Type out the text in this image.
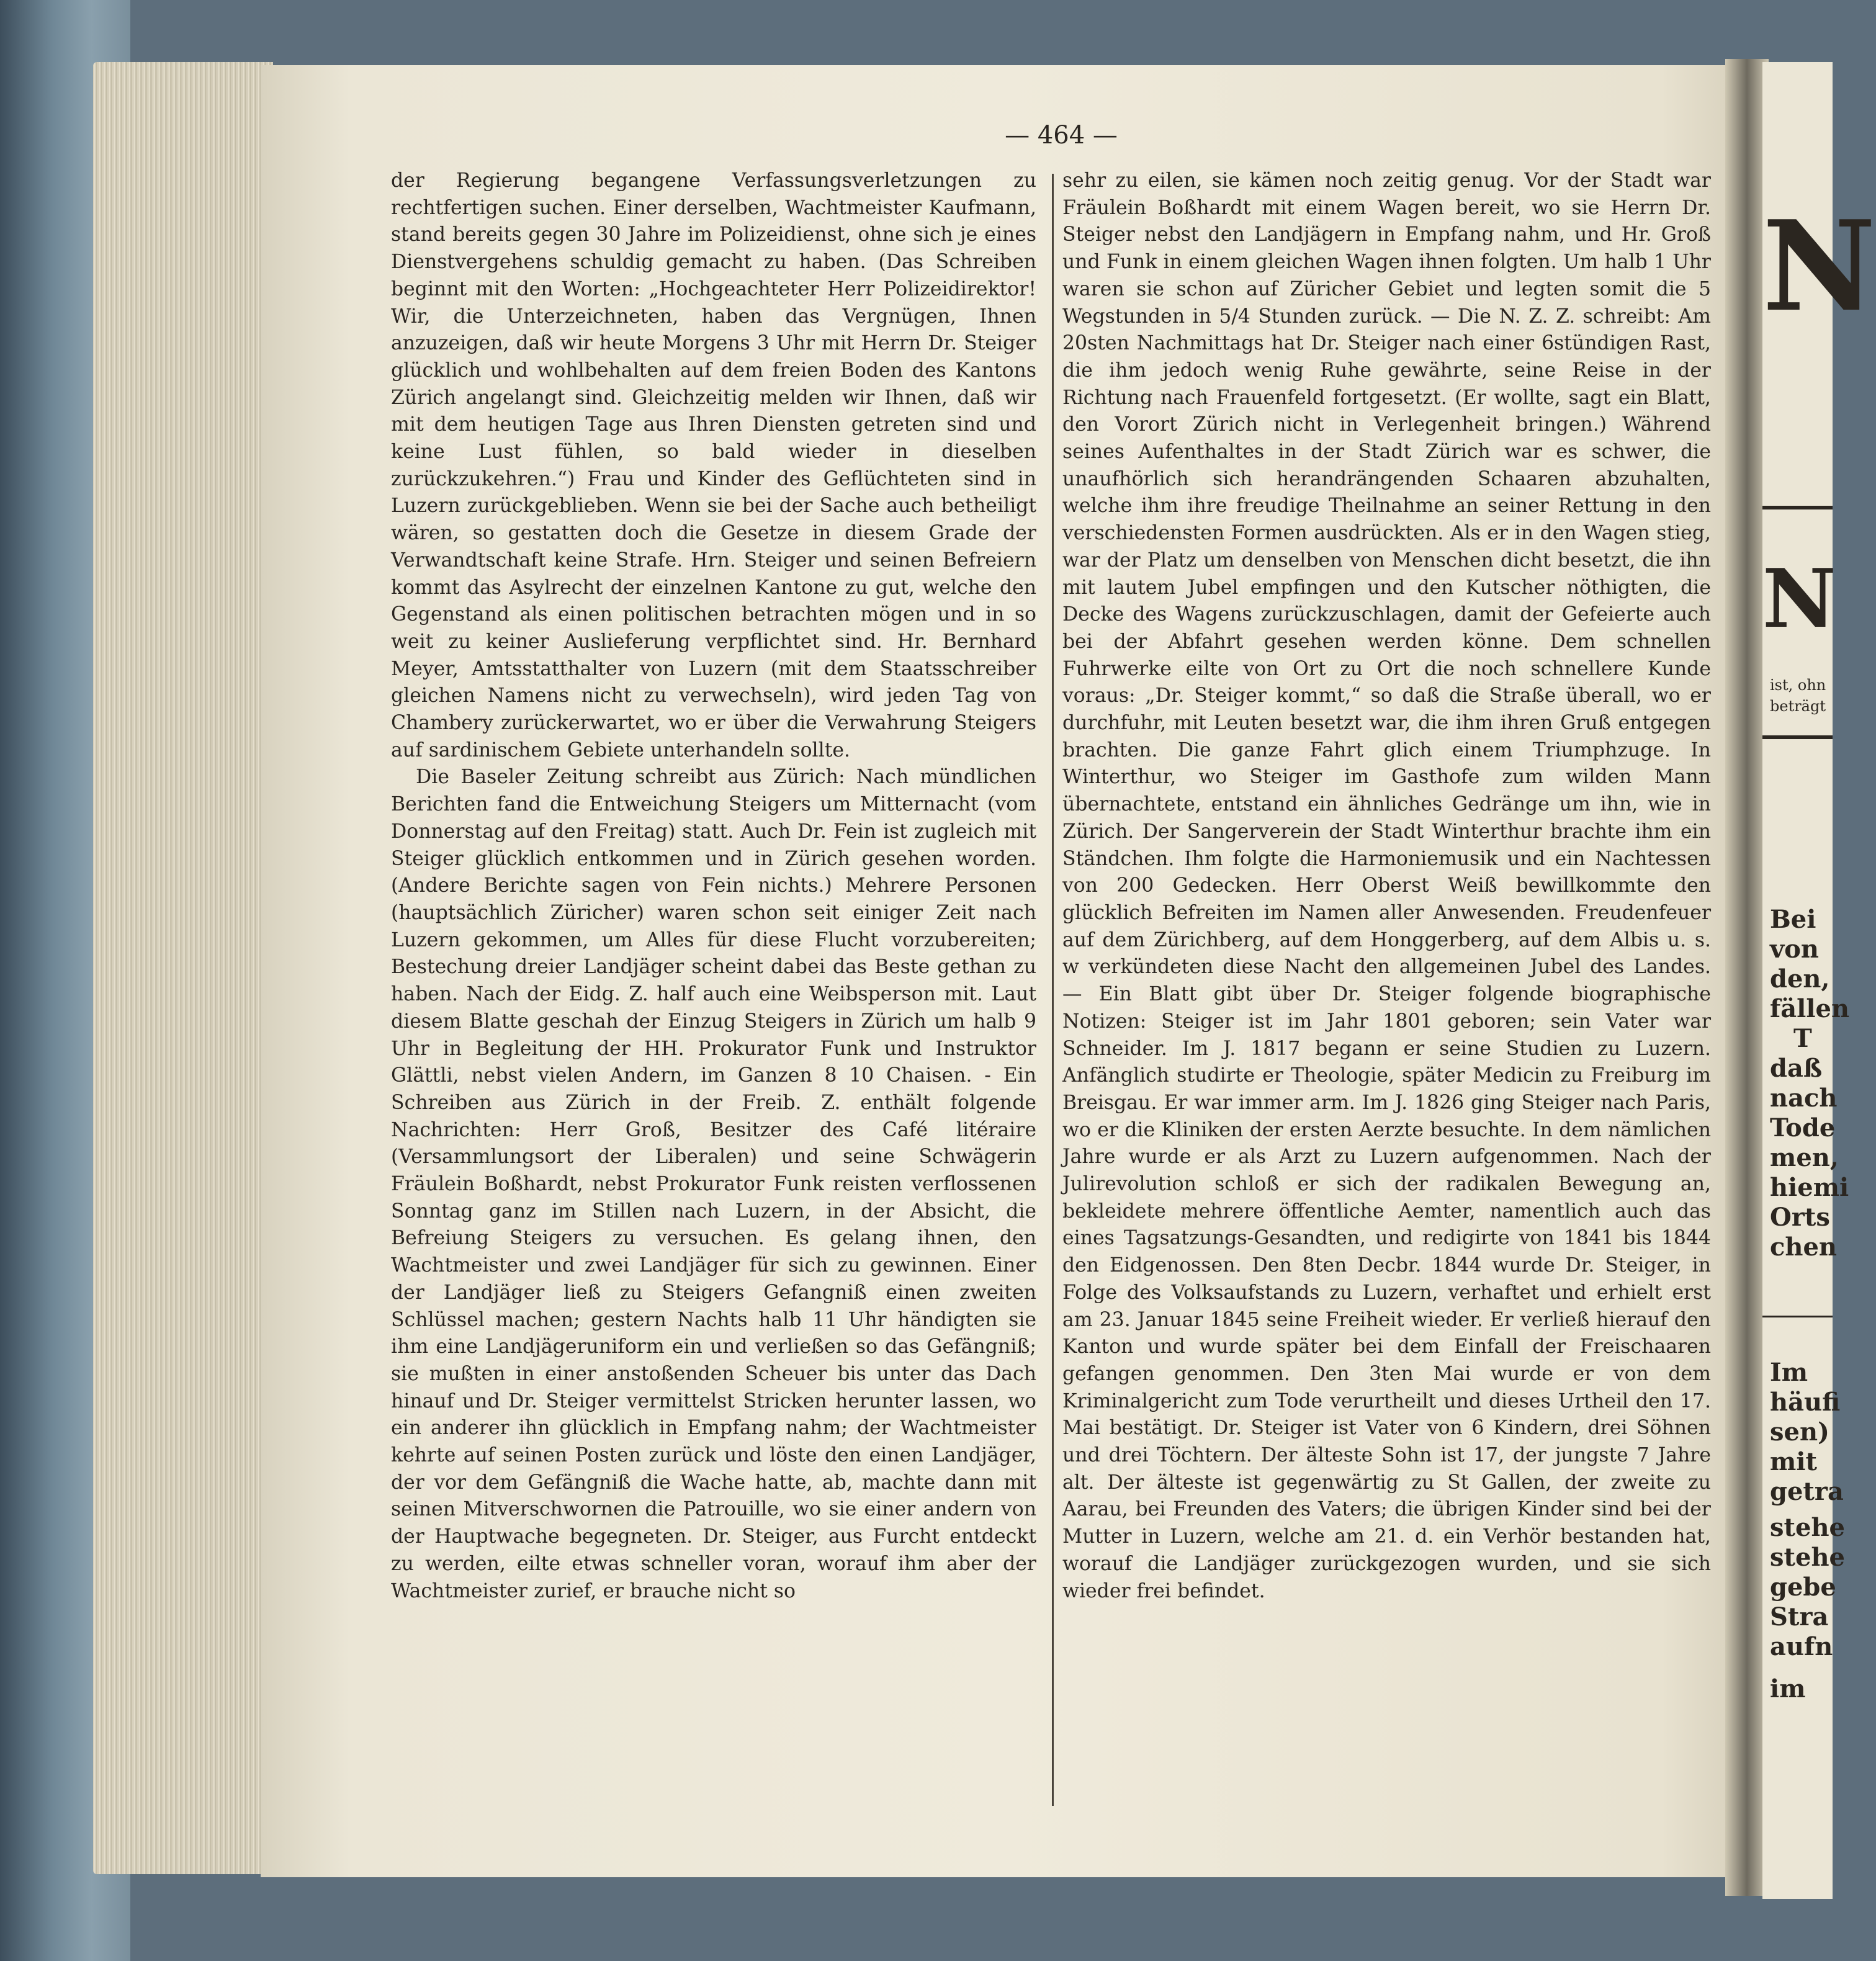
N
N
ist, ohn
beträgt
Bei
von
den,
fällen
T
daß
nach
Tode
men,
hiemi
Orts
chen
Im
häufi
sen)
mit
getra
stehe
stehe
gebe
Stra
aufn
im
— 464 —

der Regierung begangene Verfassungsverletzungen zu rechtfertigen suchen. Einer derselben, Wachtmeister Kaufmann, stand bereits gegen 30 Jahre im Polizeidienst, ohne sich je eines Dienstvergehens schuldig gemacht zu haben. (Das Schreiben beginnt mit den Worten: „Hochgeachteter Herr Polizeidirektor! Wir, die Unterzeichneten, haben das Vergnügen, Ihnen anzuzeigen, daß wir heute Morgens 3 Uhr mit Herrn Dr. Steiger glücklich und wohlbehalten auf dem freien Boden des Kantons Zürich angelangt sind. Gleichzeitig melden wir Ihnen, daß wir mit dem heutigen Tage aus Ihren Diensten getreten sind und keine Lust fühlen, so bald wieder in dieselben zurückzukehren.“) Frau und Kinder des Geflüchteten sind in Luzern zurückgeblieben. Wenn sie bei der Sache auch betheiligt wären, so gestatten doch die Gesetze in diesem Grade der Verwandtschaft keine Strafe. Hrn. Steiger und seinen Befreiern kommt das Asylrecht der einzelnen Kantone zu gut, welche den Gegenstand als einen politischen betrachten mögen und in so weit zu keiner Auslieferung verpflichtet sind. Hr. Bernhard Meyer, Amtsstatthalter von Luzern (mit dem Staatsschreiber gleichen Namens nicht zu verwechseln), wird jeden Tag von Chambery zurückerwartet, wo er über die Verwahrung Steigers auf sardinischem Gebiete unterhandeln sollte.

Die Baseler Zeitung schreibt aus Zürich: Nach mündlichen Berichten fand die Entweichung Steigers um Mitternacht (vom Donnerstag auf den Freitag) statt. Auch Dr. Fein ist zugleich mit Steiger glücklich entkommen und in Zürich gesehen worden. (Andere Berichte sagen von Fein nichts.) Mehrere Personen (hauptsächlich Züricher) waren schon seit einiger Zeit nach Luzern gekommen, um Alles für diese Flucht vorzubereiten; Bestechung dreier Landjäger scheint dabei das Beste gethan zu haben. Nach der Eidg. Z. half auch eine Weibsperson mit. Laut diesem Blatte geschah der Einzug Steigers in Zürich um halb 9 Uhr in Begleitung der HH. Prokurator Funk und Instruktor Glättli, nebst vielen Andern, im Ganzen 8 10 Chaisen. - Ein Schreiben aus Zürich in der Freib. Z. enthält folgende Nachrichten: Herr Groß, Besitzer des Café litéraire (Versammlungsort der Liberalen) und seine Schwägerin Fräulein Boßhardt, nebst Prokurator Funk reisten verflossenen Sonntag ganz im Stillen nach Luzern, in der Absicht, die Befreiung Steigers zu versuchen. Es gelang ihnen, den Wachtmeister und zwei Landjäger für sich zu gewinnen. Einer der Landjäger ließ zu Steigers Gefangniß einen zweiten Schlüssel machen; gestern Nachts halb 11 Uhr händigten sie ihm eine Landjägeruniform ein und verließen so das Gefängniß; sie mußten in einer anstoßenden Scheuer bis unter das Dach hinauf und Dr. Steiger vermittelst Stricken herunter lassen, wo ein anderer ihn glücklich in Empfang nahm; der Wachtmeister kehrte auf seinen Posten zurück und löste den einen Landjäger, der vor dem Gefängniß die Wache hatte, ab, machte dann mit seinen Mitverschwornen die Patrouille, wo sie einer andern von der Hauptwache begegneten. Dr. Steiger, aus Furcht entdeckt zu werden, eilte etwas schneller voran, worauf ihm aber der Wachtmeister zurief, er brauche nicht so

sehr zu eilen, sie kämen noch zeitig genug. Vor der Stadt war Fräulein Boßhardt mit einem Wagen bereit, wo sie Herrn Dr. Steiger nebst den Landjägern in Empfang nahm, und Hr. Groß und Funk in einem gleichen Wagen ihnen folgten. Um halb 1 Uhr waren sie schon auf Züricher Gebiet und legten somit die 5 Wegstunden in 5/4 Stunden zurück. — Die N. Z. Z. schreibt: Am 20sten Nachmittags hat Dr. Steiger nach einer 6stündigen Rast, die ihm jedoch wenig Ruhe gewährte, seine Reise in der Richtung nach Frauenfeld fortgesetzt. (Er wollte, sagt ein Blatt, den Vorort Zürich nicht in Verlegenheit bringen.) Während seines Aufenthaltes in der Stadt Zürich war es schwer, die unaufhörlich sich herandrängenden Schaaren abzuhalten, welche ihm ihre freudige Theilnahme an seiner Rettung in den verschiedensten Formen ausdrückten. Als er in den Wagen stieg, war der Platz um denselben von Menschen dicht besetzt, die ihn mit lautem Jubel empfingen und den Kutscher nöthigten, die Decke des Wagens zurückzuschlagen, damit der Gefeierte auch bei der Abfahrt gesehen werden könne. Dem schnellen Fuhrwerke eilte von Ort zu Ort die noch schnellere Kunde voraus: „Dr. Steiger kommt,“ so daß die Straße überall, wo er durchfuhr, mit Leuten besetzt war, die ihm ihren Gruß entgegen brachten. Die ganze Fahrt glich einem Triumphzuge. In Winterthur, wo Steiger im Gasthofe zum wilden Mann übernachtete, entstand ein ähnliches Gedränge um ihn, wie in Zürich. Der Sangerverein der Stadt Winterthur brachte ihm ein Ständchen. Ihm folgte die Harmoniemusik und ein Nachtessen von 200 Gedecken. Herr Oberst Weiß bewillkommte den glücklich Befreiten im Namen aller Anwesenden. Freudenfeuer auf dem Zürichberg, auf dem Honggerberg, auf dem Albis u. s. w verkündeten diese Nacht den allgemeinen Jubel des Landes. — Ein Blatt gibt über Dr. Steiger folgende biographische Notizen: Steiger ist im Jahr 1801 geboren; sein Vater war Schneider. Im J. 1817 begann er seine Studien zu Luzern. Anfänglich studirte er Theologie, später Medicin zu Freiburg im Breisgau. Er war immer arm. Im J. 1826 ging Steiger nach Paris, wo er die Kliniken der ersten Aerzte besuchte. In dem nämlichen Jahre wurde er als Arzt zu Luzern aufgenommen. Nach der Julirevolution schloß er sich der radikalen Bewegung an, bekleidete mehrere öffentliche Aemter, namentlich auch das eines Tagsatzungs-Gesandten, und redigirte von 1841 bis 1844 den Eidgenossen. Den 8ten Decbr. 1844 wurde Dr. Steiger, in Folge des Volksaufstands zu Luzern, verhaftet und erhielt erst am 23. Januar 1845 seine Freiheit wieder. Er verließ hierauf den Kanton und wurde später bei dem Einfall der Freischaaren gefangen genommen. Den 3ten Mai wurde er von dem Kriminalgericht zum Tode verurtheilt und dieses Urtheil den 17. Mai bestätigt. Dr. Steiger ist Vater von 6 Kindern, drei Söhnen und drei Töchtern. Der älteste Sohn ist 17, der jungste 7 Jahre alt. Der älteste ist gegenwärtig zu St Gallen, der zweite zu Aarau, bei Freunden des Vaters; die übrigen Kinder sind bei der Mutter in Luzern, welche am 21. d. ein Verhör bestanden hat, worauf die Landjäger zurückgezogen wurden, und sie sich wieder frei befindet.
